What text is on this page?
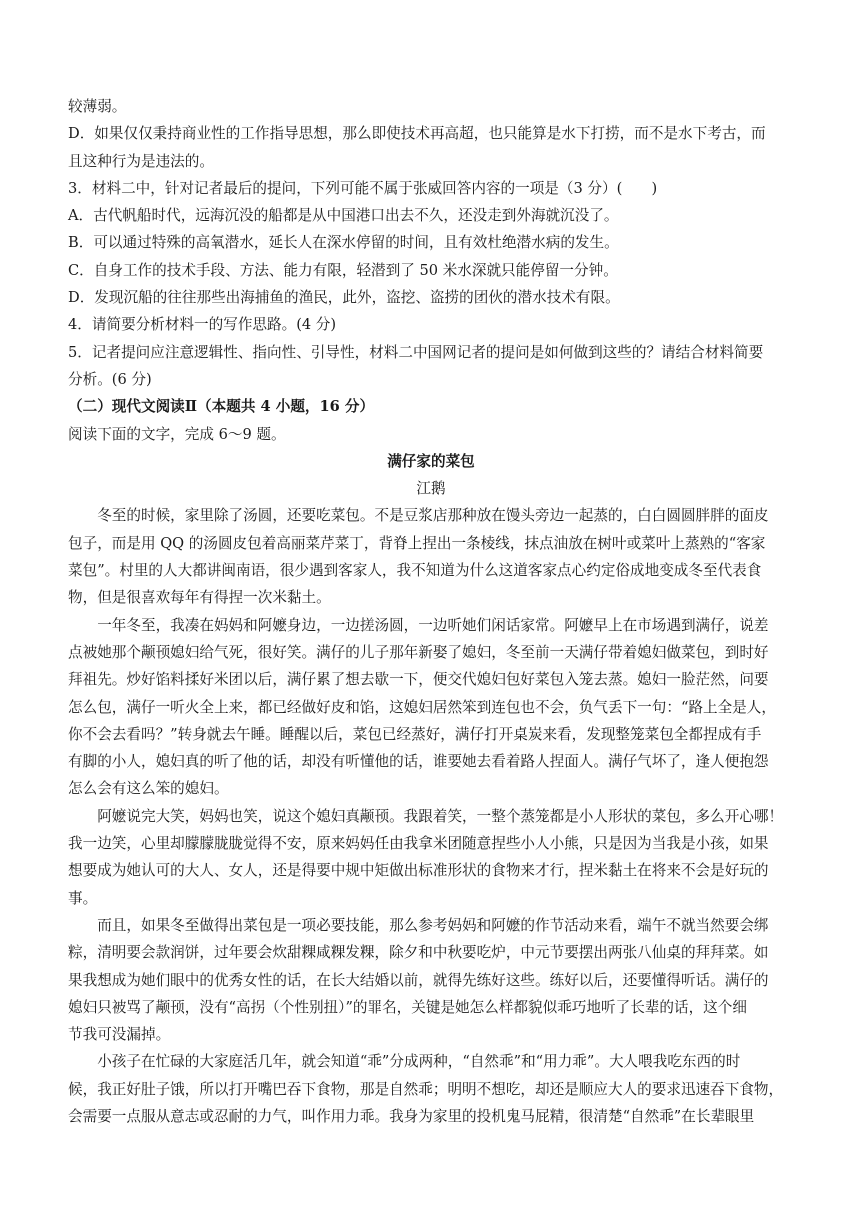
较薄弱。

D．如果仅仅秉持商业性的工作指导思想，那么即使技术再高超，也只能算是水下打捞，而不是水下考古，而

且这种行为是违法的。

3．材料二中，针对记者最后的提问，下列可能不属于张威回答内容的一项是（3 分）(　　)

A．古代帆船时代，远海沉没的船都是从中国港口出去不久，还没走到外海就沉没了。

B．可以通过特殊的高氧潜水，延长人在深水停留的时间，且有效杜绝潜水病的发生。

C．自身工作的技术手段、方法、能力有限，轻潜到了 50 米水深就只能停留一分钟。

D．发现沉船的往往那些出海捕鱼的渔民，此外，盗挖、盗捞的团伙的潜水技术有限。

4．请简要分析材料一的写作思路。(4 分)

5．记者提问应注意逻辑性、指向性、引导性，材料二中国网记者的提问是如何做到这些的？请结合材料简要

分析。(6 分)

（二）现代文阅读Ⅱ（本题共 4 小题，16 分）

阅读下面的文字，完成 6～9 题。

满仔家的菜包

江鹅

冬至的时候，家里除了汤圆，还要吃菜包。不是豆浆店那种放在馒头旁边一起蒸的，白白圆圆胖胖的面皮

包子，而是用 QQ 的汤圆皮包着高丽菜芹菜丁，背脊上捏出一条棱线，抹点油放在树叶或菜叶上蒸熟的“客家

菜包”。村里的人大都讲闽南语，很少遇到客家人，我不知道为什么这道客家点心约定俗成地变成冬至代表食

物，但是很喜欢每年有得捏一次米黏土。

一年冬至，我凑在妈妈和阿嬷身边，一边搓汤圆，一边听她们闲话家常。阿嬷早上在市场遇到满仔，说差

点被她那个颟顸媳妇给气死，很好笑。满仔的儿子那年新娶了媳妇，冬至前一天满仔带着媳妇做菜包，到时好

拜祖先。炒好馅料揉好米团以后，满仔累了想去歇一下，便交代媳妇包好菜包入笼去蒸。媳妇一脸茫然，问要

怎么包，满仔一听火全上来，都已经做好皮和馅，这媳妇居然笨到连包也不会，负气丢下一句：“路上全是人，

你不会去看吗？”转身就去午睡。睡醒以后，菜包已经蒸好，满仔打开桌炭来看，发现整笼菜包全都捏成有手

有脚的小人，媳妇真的听了他的话，却没有听懂他的话，谁要她去看着路人捏面人。满仔气坏了，逢人便抱怨

怎么会有这么笨的媳妇。

阿嬷说完大笑，妈妈也笑，说这个媳妇真颟顸。我跟着笑，一整个蒸笼都是小人形状的菜包，多么开心哪！

我一边笑，心里却朦朦胧胧觉得不安，原来妈妈任由我拿米团随意捏些小人小熊，只是因为当我是小孩，如果

想要成为她认可的大人、女人，还是得要中规中矩做出标准形状的食物来才行，捏米黏土在将来不会是好玩的

事。

而且，如果冬至做得出菜包是一项必要技能，那么参考妈妈和阿嬷的作节活动来看，端午不就当然要会绑

粽，清明要会款润饼，过年要会炊甜粿咸粿发粿，除夕和中秋要吃炉，中元节要摆出两张八仙桌的拜拜菜。如

果我想成为她们眼中的优秀女性的话，在长大结婚以前，就得先练好这些。练好以后，还要懂得听话。满仔的

媳妇只被骂了颟顸，没有“高拐（个性别扭）”的罪名，关键是她怎么样都貌似乖巧地听了长辈的话，这个细

节我可没漏掉。

小孩子在忙碌的大家庭活几年，就会知道“乖”分成两种，“自然乖”和“用力乖”。大人喂我吃东西的时

候，我正好肚子饿，所以打开嘴巴吞下食物，那是自然乖；明明不想吃，却还是顺应大人的要求迅速吞下食物，

会需要一点服从意志或忍耐的力气，叫作用力乖。我身为家里的投机鬼马屁精，很清楚“自然乖”在长辈眼里
